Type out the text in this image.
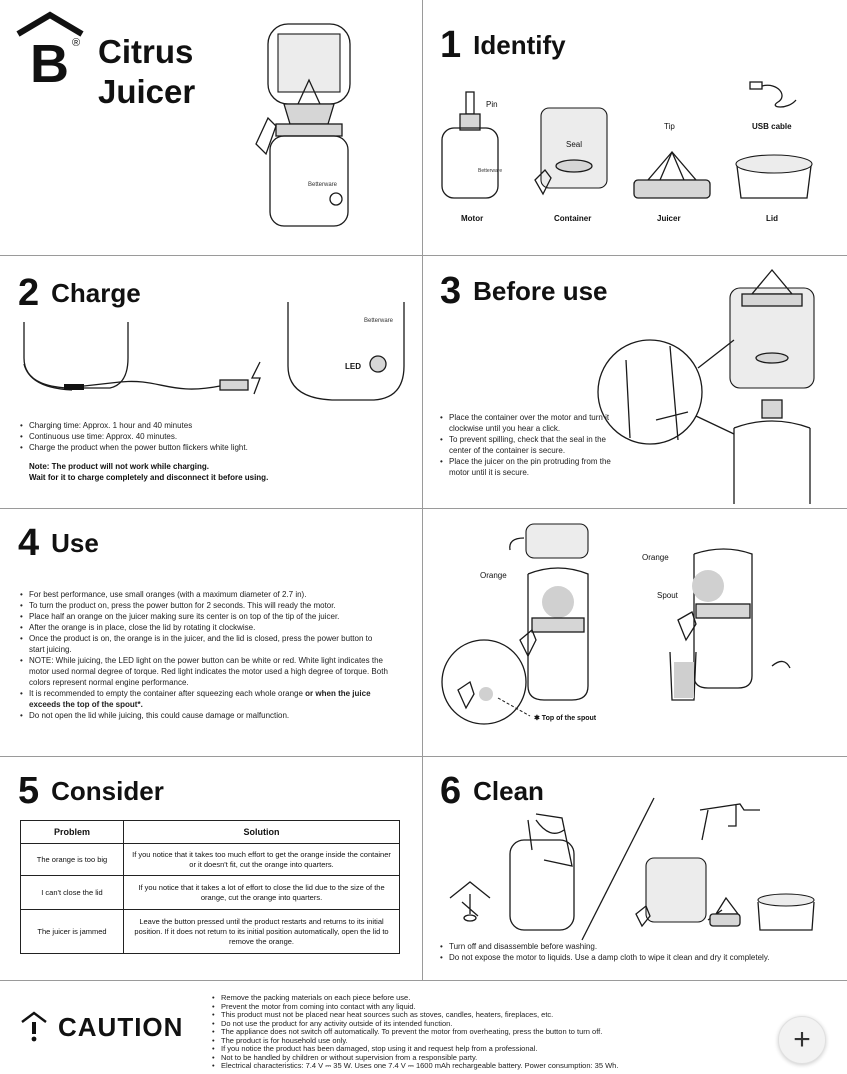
B ® Citrus
Juicer
Betterware
1 Identify
Betterware
Pin
Seal
Tip	USB cable
Motor	Container	Juicer	Lid
2 Charge
Betterware
LED
• Charging time: Approx. 1 hour and 40 minutes
• Continuous use time: Approx. 40 minutes.
• Charge the product when the power button flickers white light.
Note: The product will not work while charging.
Wait for it to charge completely and disconnect it before using.
3 Before use
• Place the container over the motor and turn it clockwise until you hear a click.
• To prevent spilling, check that the seal in the center of the container is secure.
• Place the juicer on the pin protruding from the motor until it is secure.
4 Use
• For best performance, use small oranges (with a maximum diameter of 2.7 in).
• To turn the product on, press the power button for 2 seconds. This will ready the motor.
• Place half an orange on the juicer making sure its center is on top of the tip of the juicer.
• After the orange is in place, close the lid by rotating it clockwise.
• Once the product is on, the orange is in the juicer, and the lid is closed, press the power button to start juicing.
• NOTE: While juicing, the LED light on the power button can be white or red. White light indicates the motor used normal degree of torque. Red light indicates the motor used a high degree of torque. Both colors represent normal engine performance.
• It is recommended to empty the container after squeezing each whole orange or when the juice exceeds the top of the spout*.
• Do not open the lid while juicing, this could cause damage or malfunction.
Orange
Orange
Spout
✱ Top of the spout
5 Consider
Problem	Solution
The orange is too big	If you notice that it takes too much effort to get the orange inside the container or it doesn't fit, cut the orange into quarters.
I can't close the lid	If you notice that it takes a lot of effort to close the lid due to the size of the orange, cut the orange into quarters.
The juicer is jammed	Leave the button pressed until the product restarts and returns to its initial position. If it does not return to its initial position automatically, open the lid to remove the orange.
6 Clean
• Turn off and disassemble before washing.
• Do not expose the motor to liquids. Use a damp cloth to wipe it clean and dry it completely.
CAUTION
• Remove the packing materials on each piece before use.
• Prevent the motor from coming into contact with any liquid.
• This product must not be placed near heat sources such as stoves, candles, heaters, fireplaces, etc.
• Do not use the product for any activity outside of its intended function.
• The appliance does not switch off automatically. To prevent the motor from overheating, press the button to turn off.
• The product is for household use only.
• If you notice the product has been damaged, stop using it and request help from a professional.
• Not to be handled by children or without supervision from a responsible party.
• Electrical characteristics: 7.4 V ⎓ 35 W. Uses one 7.4 V ⎓ 1600 mAh rechargeable battery. Power consumption: 35 Wh.
+
